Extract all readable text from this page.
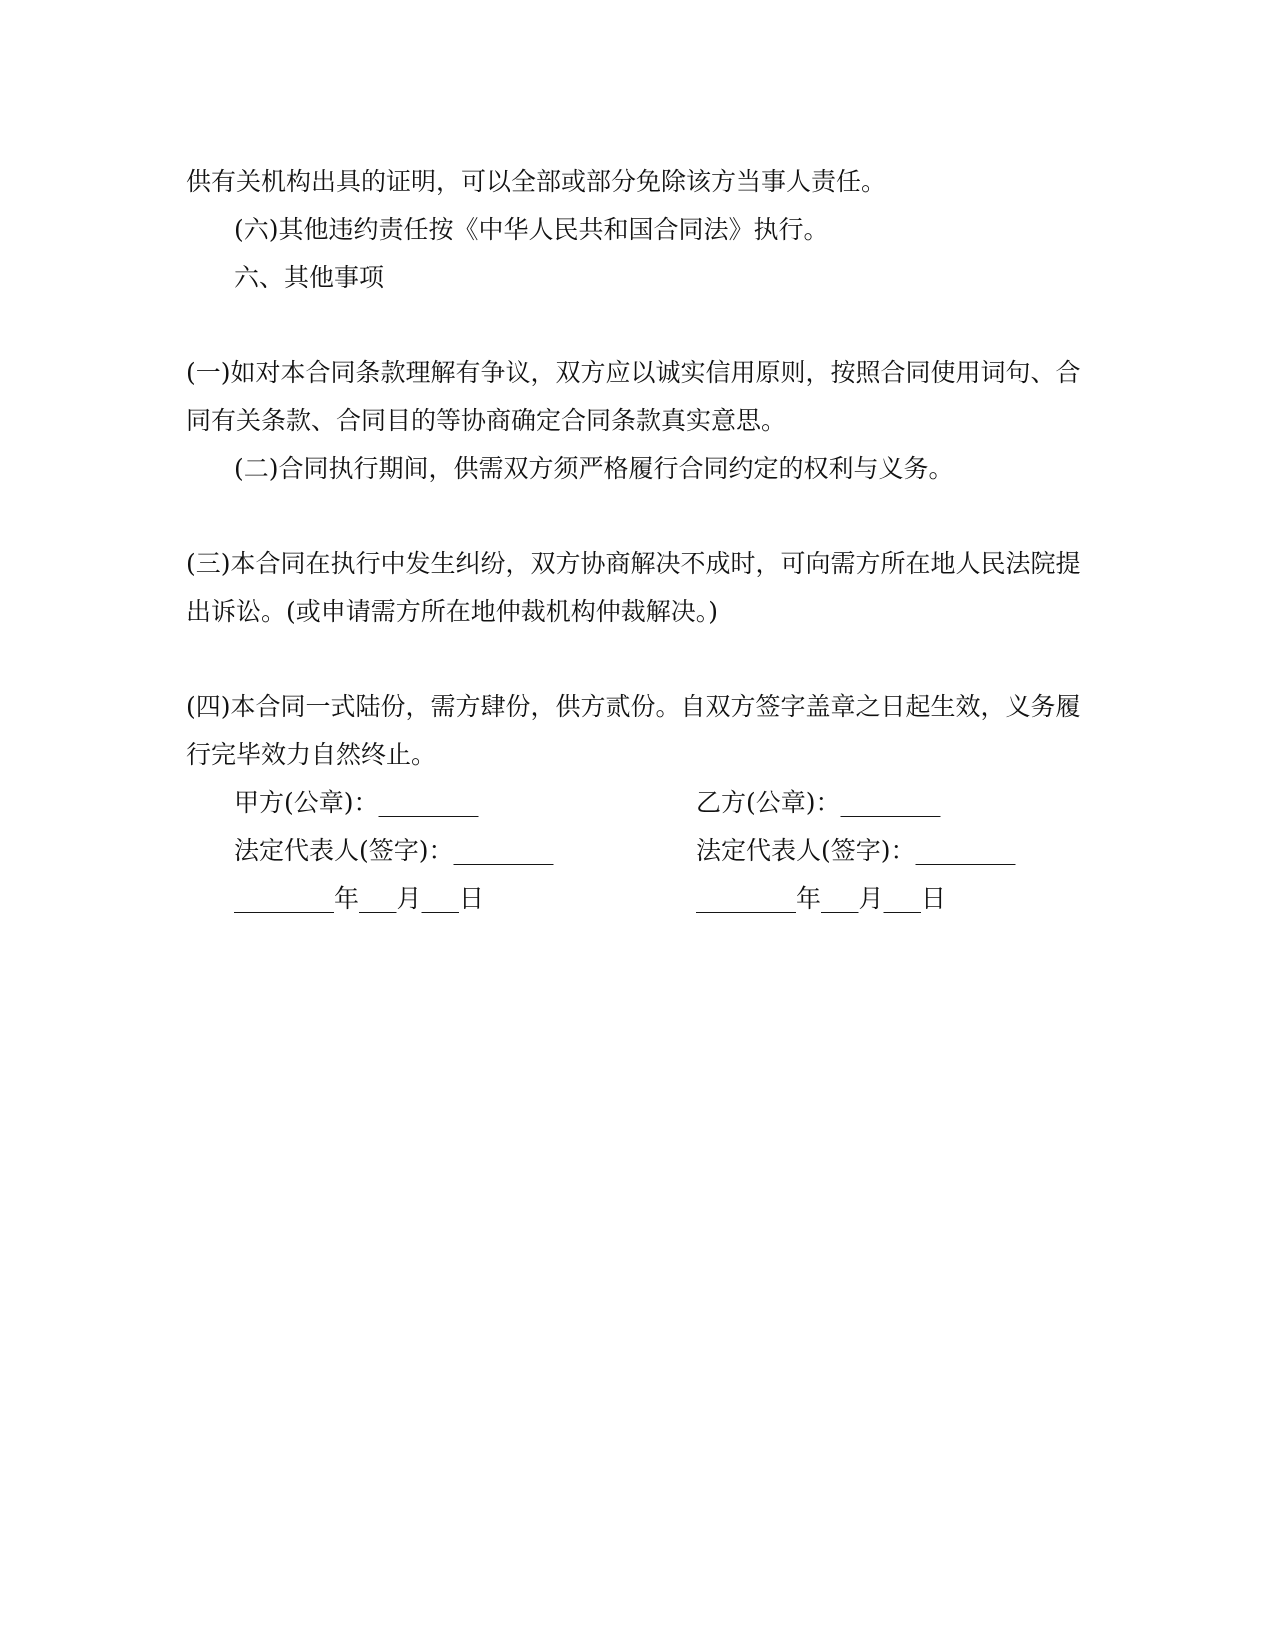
供有关机构出具的证明，可以全部或部分免除该方当事人责任。
(六)其他违约责任按《中华人民共和国合同法》执行。
六、其他事项
(一)如对本合同条款理解有争议，双方应以诚实信用原则，按照合同使用词句、合
同有关条款、合同目的等协商确定合同条款真实意思。
(二)合同执行期间，供需双方须严格履行合同约定的权利与义务。
(三)本合同在执行中发生纠纷，双方协商解决不成时，可向需方所在地人民法院提
出诉讼。(或申请需方所在地仲裁机构仲裁解决。)
(四)本合同一式陆份，需方肆份，供方贰份。自双方签字盖章之日起生效，义务履
行完毕效力自然终止。
甲方(公章)：________	乙方(公章)：________
法定代表人(签字)：________	法定代表人(签字)：________
________年___月___日	________年___月___日
